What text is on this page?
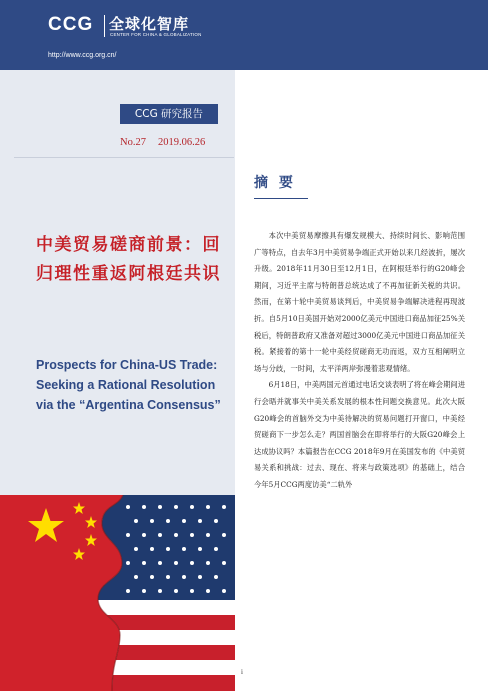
CCG 全球化智库
CENTER FOR CHINA & GLOBALIZATION
http://www.ccg.org.cn/
CCG 研究报告
No.27 2019.06.26
中美贸易磋商前景：回归理性重返阿根廷共识
Prospects for China-US Trade: Seeking a Rational Resolution via the “Argentina Consensus”
摘 要

本次中美贸易摩擦具有爆发规模大、持续时间长、影响范围广等特点，自去年3月中美贸易争端正式开始以来几经波折，屡次升级。2018年11月30日至12月1日，在阿根廷举行的G20峰会期间，习近平主席与特朗普总统达成了不再加征新关税的共识。然而，在第十轮中美贸易谈判后，中美贸易争端解决进程再现波折。自5月10日美国开始对2000亿美元中国进口商品加征25%关税后，特朗普政府又准备对超过3000亿美元中国进口商品加征关税。紧接着的第十一轮中美经贸磋商无功而返，双方互相阐明立场与分歧，一时间，太平洋两岸弥漫着悲观情绪。

6月18日，中美两国元首通过电话交谈表明了将在峰会期间进行会晤并就事关中美关系发展的根本性问题交换意见。此次大阪G20峰会的首脑外交为中美待解决的贸易问题打开窗口，中美经贸磋商下一步怎么走？两国首脑会在即将举行的大阪G20峰会上达成协议吗？本篇报告在CCG 2018年9月在美国发布的《中美贸易关系和挑战：过去、现在、将来与政策选项》的基础上，结合今年5月CCG两度访美“二轨外

i
